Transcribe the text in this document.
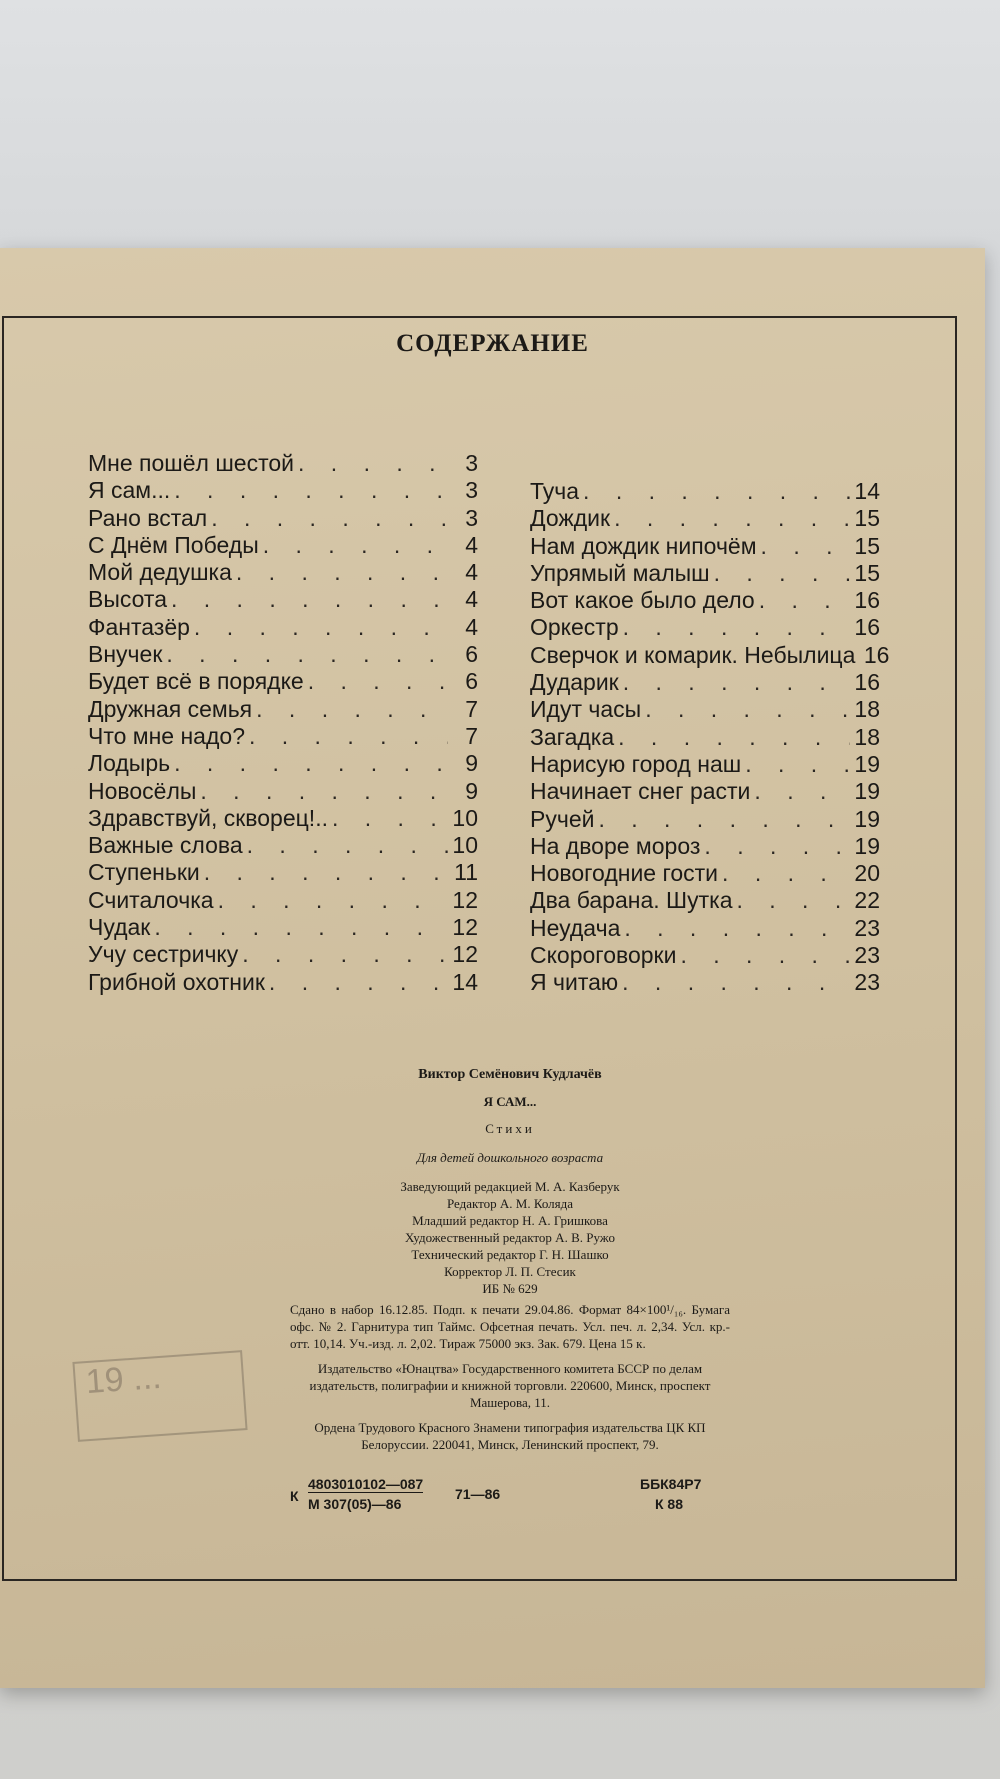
СОДЕРЖАНИЕ
Мне пошёл шестой . . .	3
Я сам... . . .	3
Рано встал . . .	3
С Днём Победы . . .	4
Мой дедушка . . .	4
Высота . . .	4
Фантазёр . . .	4
Внучек . . .	6
Будет всё в порядке . . .	6
Дружная семья . . .	7
Что мне надо? . . .	7
Лодырь . . .	9
Новосёлы . . .	9
Здравствуй, скворец!.. . . .	10
Важные слова . . .	10
Ступеньки . . .	11
Считалочка . . .	12
Чудак . . .	12
Учу сестричку . . .	12
Грибной охотник . . .	14
Туча . . .	14
Дождик . . .	15
Нам дождик нипочём . . .	15
Упрямый малыш . . .	15
Вот какое было дело . . .	16
Оркестр . . .	16
Сверчок и комарик. Небылица 16
Дударик . . .	16
Идут часы . . .	18
Загадка . . .	18
Нарисую город наш . . .	19
Начинает снег расти . . .	19
Ручей . . .	19
На дворе мороз . . .	19
Новогодние гости . . .	20
Два барана. Шутка . . .	22
Неудача . . .	23
Скороговорки . . .	23
Я читаю . . .	23
19 ...
Виктор Семёнович Кудлачёв
Я САМ...
Стихи
Для детей дошкольного возраста
Заведующий редакцией М. А. Казберук
Редактор А. М. Коляда
Младший редактор Н. А. Гришкова
Художественный редактор А. В. Ружо
Технический редактор Г. Н. Шашко
Корректор Л. П. Стесик
ИБ № 629
Сдано в набор 16.12.85. Подп. к печати 29.04.86. Формат 84×100¹/₁₆. Бумага офс. № 2. Гарнитура тип Таймс. Офсетная печать. Усл. печ. л. 2,34. Усл. кр.-отт. 10,14. Уч.-изд. л. 2,02. Тираж 75000 экз. Зак. 679. Цена 15 к.
Издательство «Юнацтва» Государственного комитета БССР по делам издательств, полиграфии и книжной торговли. 220600, Минск, проспект Машерова, 11.
Ордена Трудового Красного Знамени типография издательства ЦК КП Белоруссии. 220041, Минск, Ленинский проспект, 79.
К
4803010102—087
М 307(05)—86
71—86
ББК84Р7
К 88
